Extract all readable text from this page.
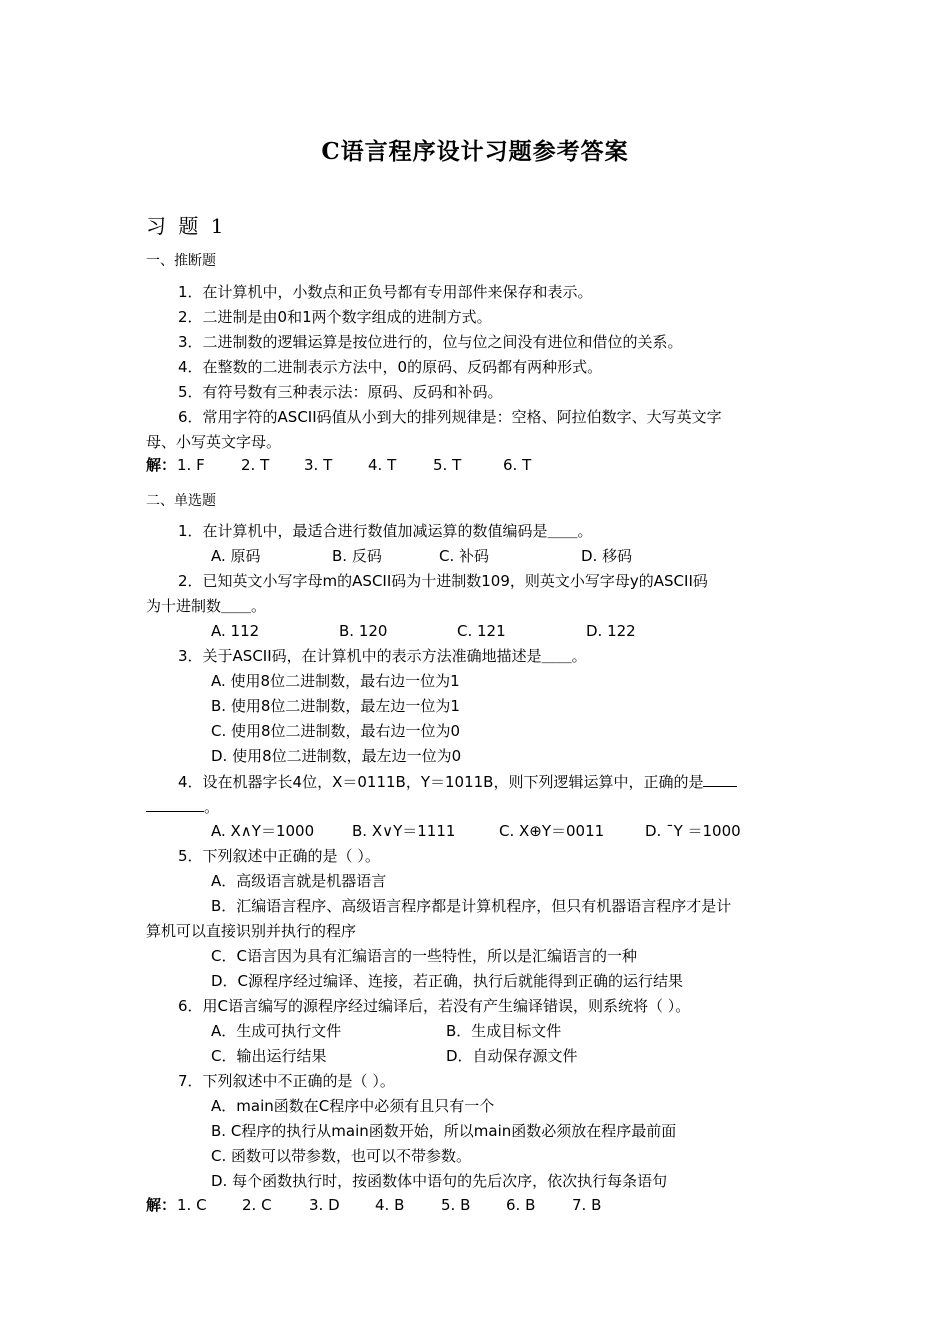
C语言程序设计习题参考答案
习 题 1
一、推断题
1．在计算机中，小数点和正负号都有专用部件来保存和表示。
2．二进制是由0和1两个数字组成的进制方式。
3．二进制数的逻辑运算是按位进行的，位与位之间没有进位和借位的关系。
4．在整数的二进制表示方法中，0的原码、反码都有两种形式。
5．有符号数有三种表示法：原码、反码和补码。
6．常用字符的ASCII码值从小到大的排列规律是：空格、阿拉伯数字、大写英文字
母、小写英文字母。
解： 1. F 2. T 3. T 4. T 5. T	6. T
二、单选题
1．在计算机中，最适合进行数值加减运算的数值编码是＿＿。
A. 原码	B. 反码	C. 补码	D. 移码
2．已知英文小写字母m的ASCII码为十进制数109，则英文小写字母y的ASCII码
为十进制数＿＿。
A. 112	B. 120	C. 121	D. 122
3．关于ASCII码，在计算机中的表示方法准确地描述是＿＿。
A. 使用8位二进制数，最右边一位为1
B. 使用8位二进制数，最左边一位为1
C. 使用8位二进制数，最右边一位为0
D. 使用8位二进制数，最左边一位为0
4．设在机器字长4位，X＝0111B，Y＝1011B，则下列逻辑运算中，正确的是
。
A. X∧Y＝1000	B. X∨Y＝1111	C. X⊕Y＝0011	D. ˉY ＝1000
5．下列叙述中正确的是（ ）。
A．高级语言就是机器语言
B．汇编语言程序、高级语言程序都是计算机程序，但只有机器语言程序才是计
算机可以直接识别并执行的程序
C．C语言因为具有汇编语言的一些特性，所以是汇编语言的一种
D．C源程序经过编译、连接，若正确，执行后就能得到正确的运行结果
6．用C语言编写的源程序经过编译后，若没有产生编译错误，则系统将（ ）。
A．生成可执行文件	B．生成目标文件
C．输出运行结果	D．自动保存源文件
7．下列叙述中不正确的是（ ）。
A．main函数在C程序中必须有且只有一个
B. C程序的执行从main函数开始，所以main函数必须放在程序最前面
C. 函数可以带参数，也可以不带参数。
D. 每个函数执行时，按函数体中语句的先后次序，依次执行每条语句
解： 1. C 2. C 3. D 4. B 5. B 6. B 7. B
